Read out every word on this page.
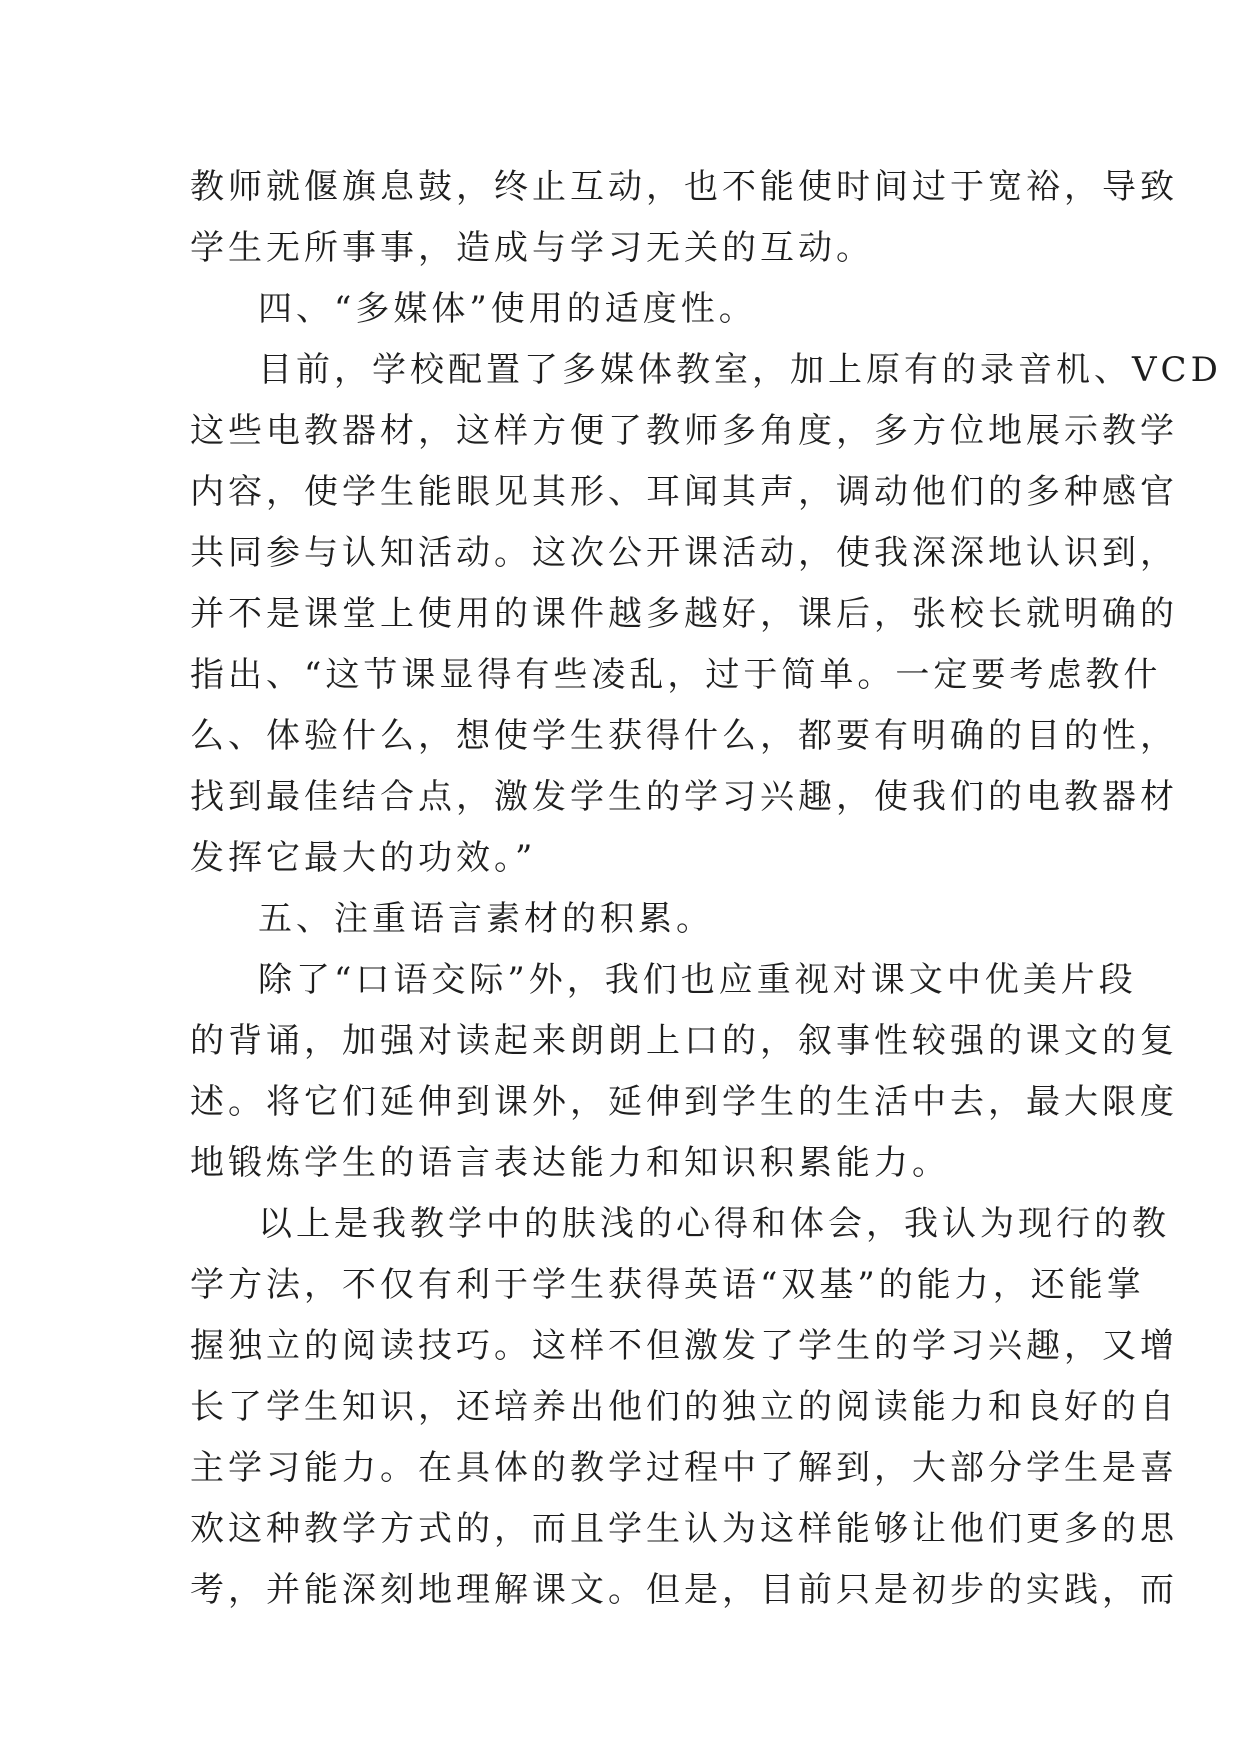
教师就偃旗息鼓，终止互动，也不能使时间过于宽裕，导致
学生无所事事，造成与学习无关的互动。
四、“多媒体”使用的适度性。
目前，学校配置了多媒体教室，加上原有的录音机、VCD
这些电教器材，这样方便了教师多角度，多方位地展示教学
内容，使学生能眼见其形、耳闻其声，调动他们的多种感官
共同参与认知活动。这次公开课活动，使我深深地认识到，
并不是课堂上使用的课件越多越好，课后，张校长就明确的
指出、“这节课显得有些凌乱，过于简单。一定要考虑教什
么、体验什么，想使学生获得什么，都要有明确的目的性，
找到最佳结合点，激发学生的学习兴趣，使我们的电教器材
发挥它最大的功效。”
五、注重语言素材的积累。
除了“口语交际”外，我们也应重视对课文中优美片段
的背诵，加强对读起来朗朗上口的，叙事性较强的课文的复
述。将它们延伸到课外，延伸到学生的生活中去，最大限度
地锻炼学生的语言表达能力和知识积累能力。
以上是我教学中的肤浅的心得和体会，我认为现行的教
学方法，不仅有利于学生获得英语“双基”的能力，还能掌
握独立的阅读技巧。这样不但激发了学生的学习兴趣，又增
长了学生知识，还培养出他们的独立的阅读能力和良好的自
主学习能力。在具体的教学过程中了解到，大部分学生是喜
欢这种教学方式的，而且学生认为这样能够让他们更多的思
考，并能深刻地理解课文。但是，目前只是初步的实践，而
